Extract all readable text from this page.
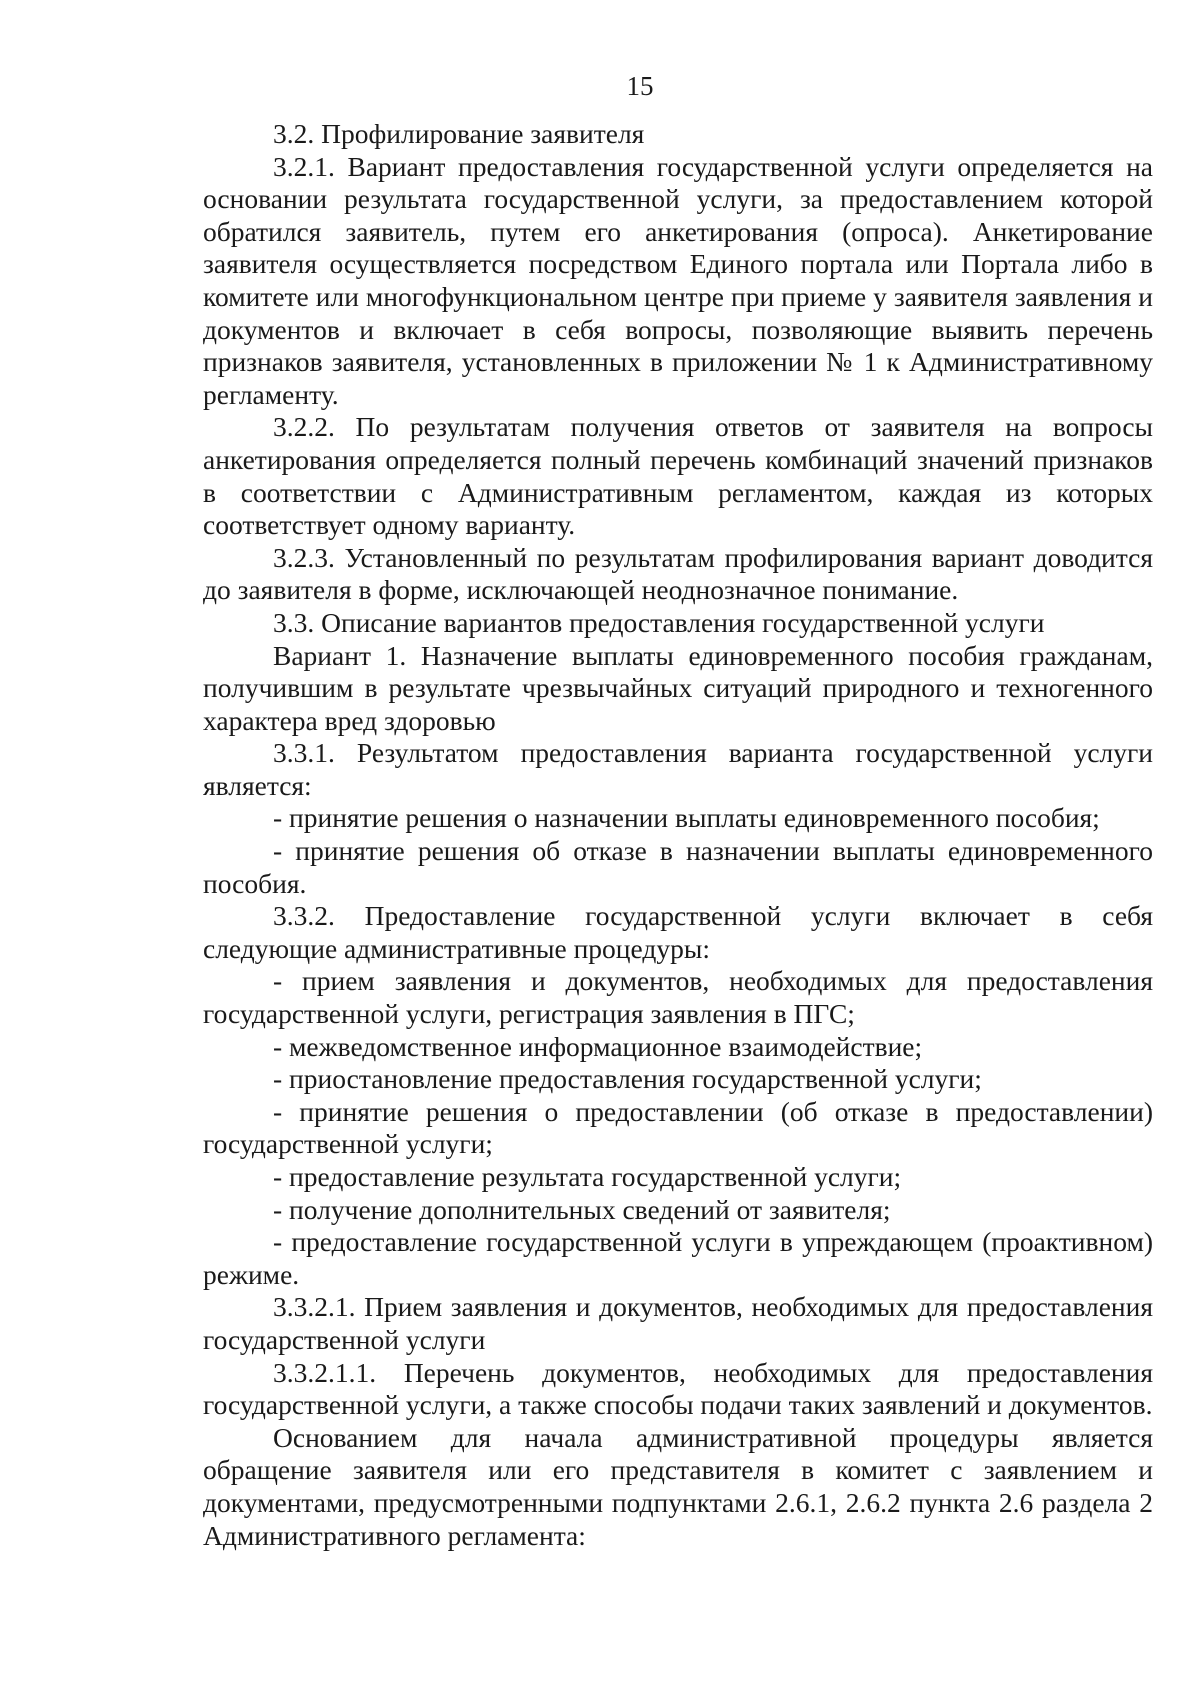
15

3.2. Профилирование заявителя

3.2.1. Вариант предоставления государственной услуги определяется на основании результата государственной услуги, за предоставлением которой обратился заявитель, путем его анкетирования (опроса). Анкетирование заявителя осуществляется посредством Единого портала или Портала либо в комитете или многофункциональном центре при приеме у заявителя заявления и документов и включает в себя вопросы, позволяющие выявить перечень признаков заявителя, установленных в приложении № 1 к Административному регламенту.

3.2.2. По результатам получения ответов от заявителя на вопросы анкетирования определяется полный перечень комбинаций значений признаков в соответствии с Административным регламентом, каждая из которых соответствует одному варианту.

3.2.3. Установленный по результатам профилирования вариант доводится до заявителя в форме, исключающей неоднозначное понимание.

3.3. Описание вариантов предоставления государственной услуги

Вариант 1. Назначение выплаты единовременного пособия гражданам, получившим в результате чрезвычайных ситуаций природного и техногенного характера вред здоровью

3.3.1. Результатом предоставления варианта государственной услуги является:

- принятие решения о назначении выплаты единовременного пособия;

- принятие решения об отказе в назначении выплаты единовременного пособия.

3.3.2. Предоставление государственной услуги включает в себя следующие административные процедуры:

- прием заявления и документов, необходимых для предоставления государственной услуги, регистрация заявления в ПГС;

- межведомственное информационное взаимодействие;

- приостановление предоставления государственной услуги;

- принятие решения о предоставлении (об отказе в предоставлении) государственной услуги;

- предоставление результата государственной услуги;

- получение дополнительных сведений от заявителя;

- предоставление государственной услуги в упреждающем (проактивном) режиме.

3.3.2.1. Прием заявления и документов, необходимых для предоставления государственной услуги

3.3.2.1.1. Перечень документов, необходимых для предоставления государственной услуги, а также способы подачи таких заявлений и документов.

Основанием для начала административной процедуры является обращение заявителя или его представителя в комитет с заявлением и документами, предусмотренными подпунктами 2.6.1, 2.6.2 пункта 2.6 раздела 2 Административного регламента:
